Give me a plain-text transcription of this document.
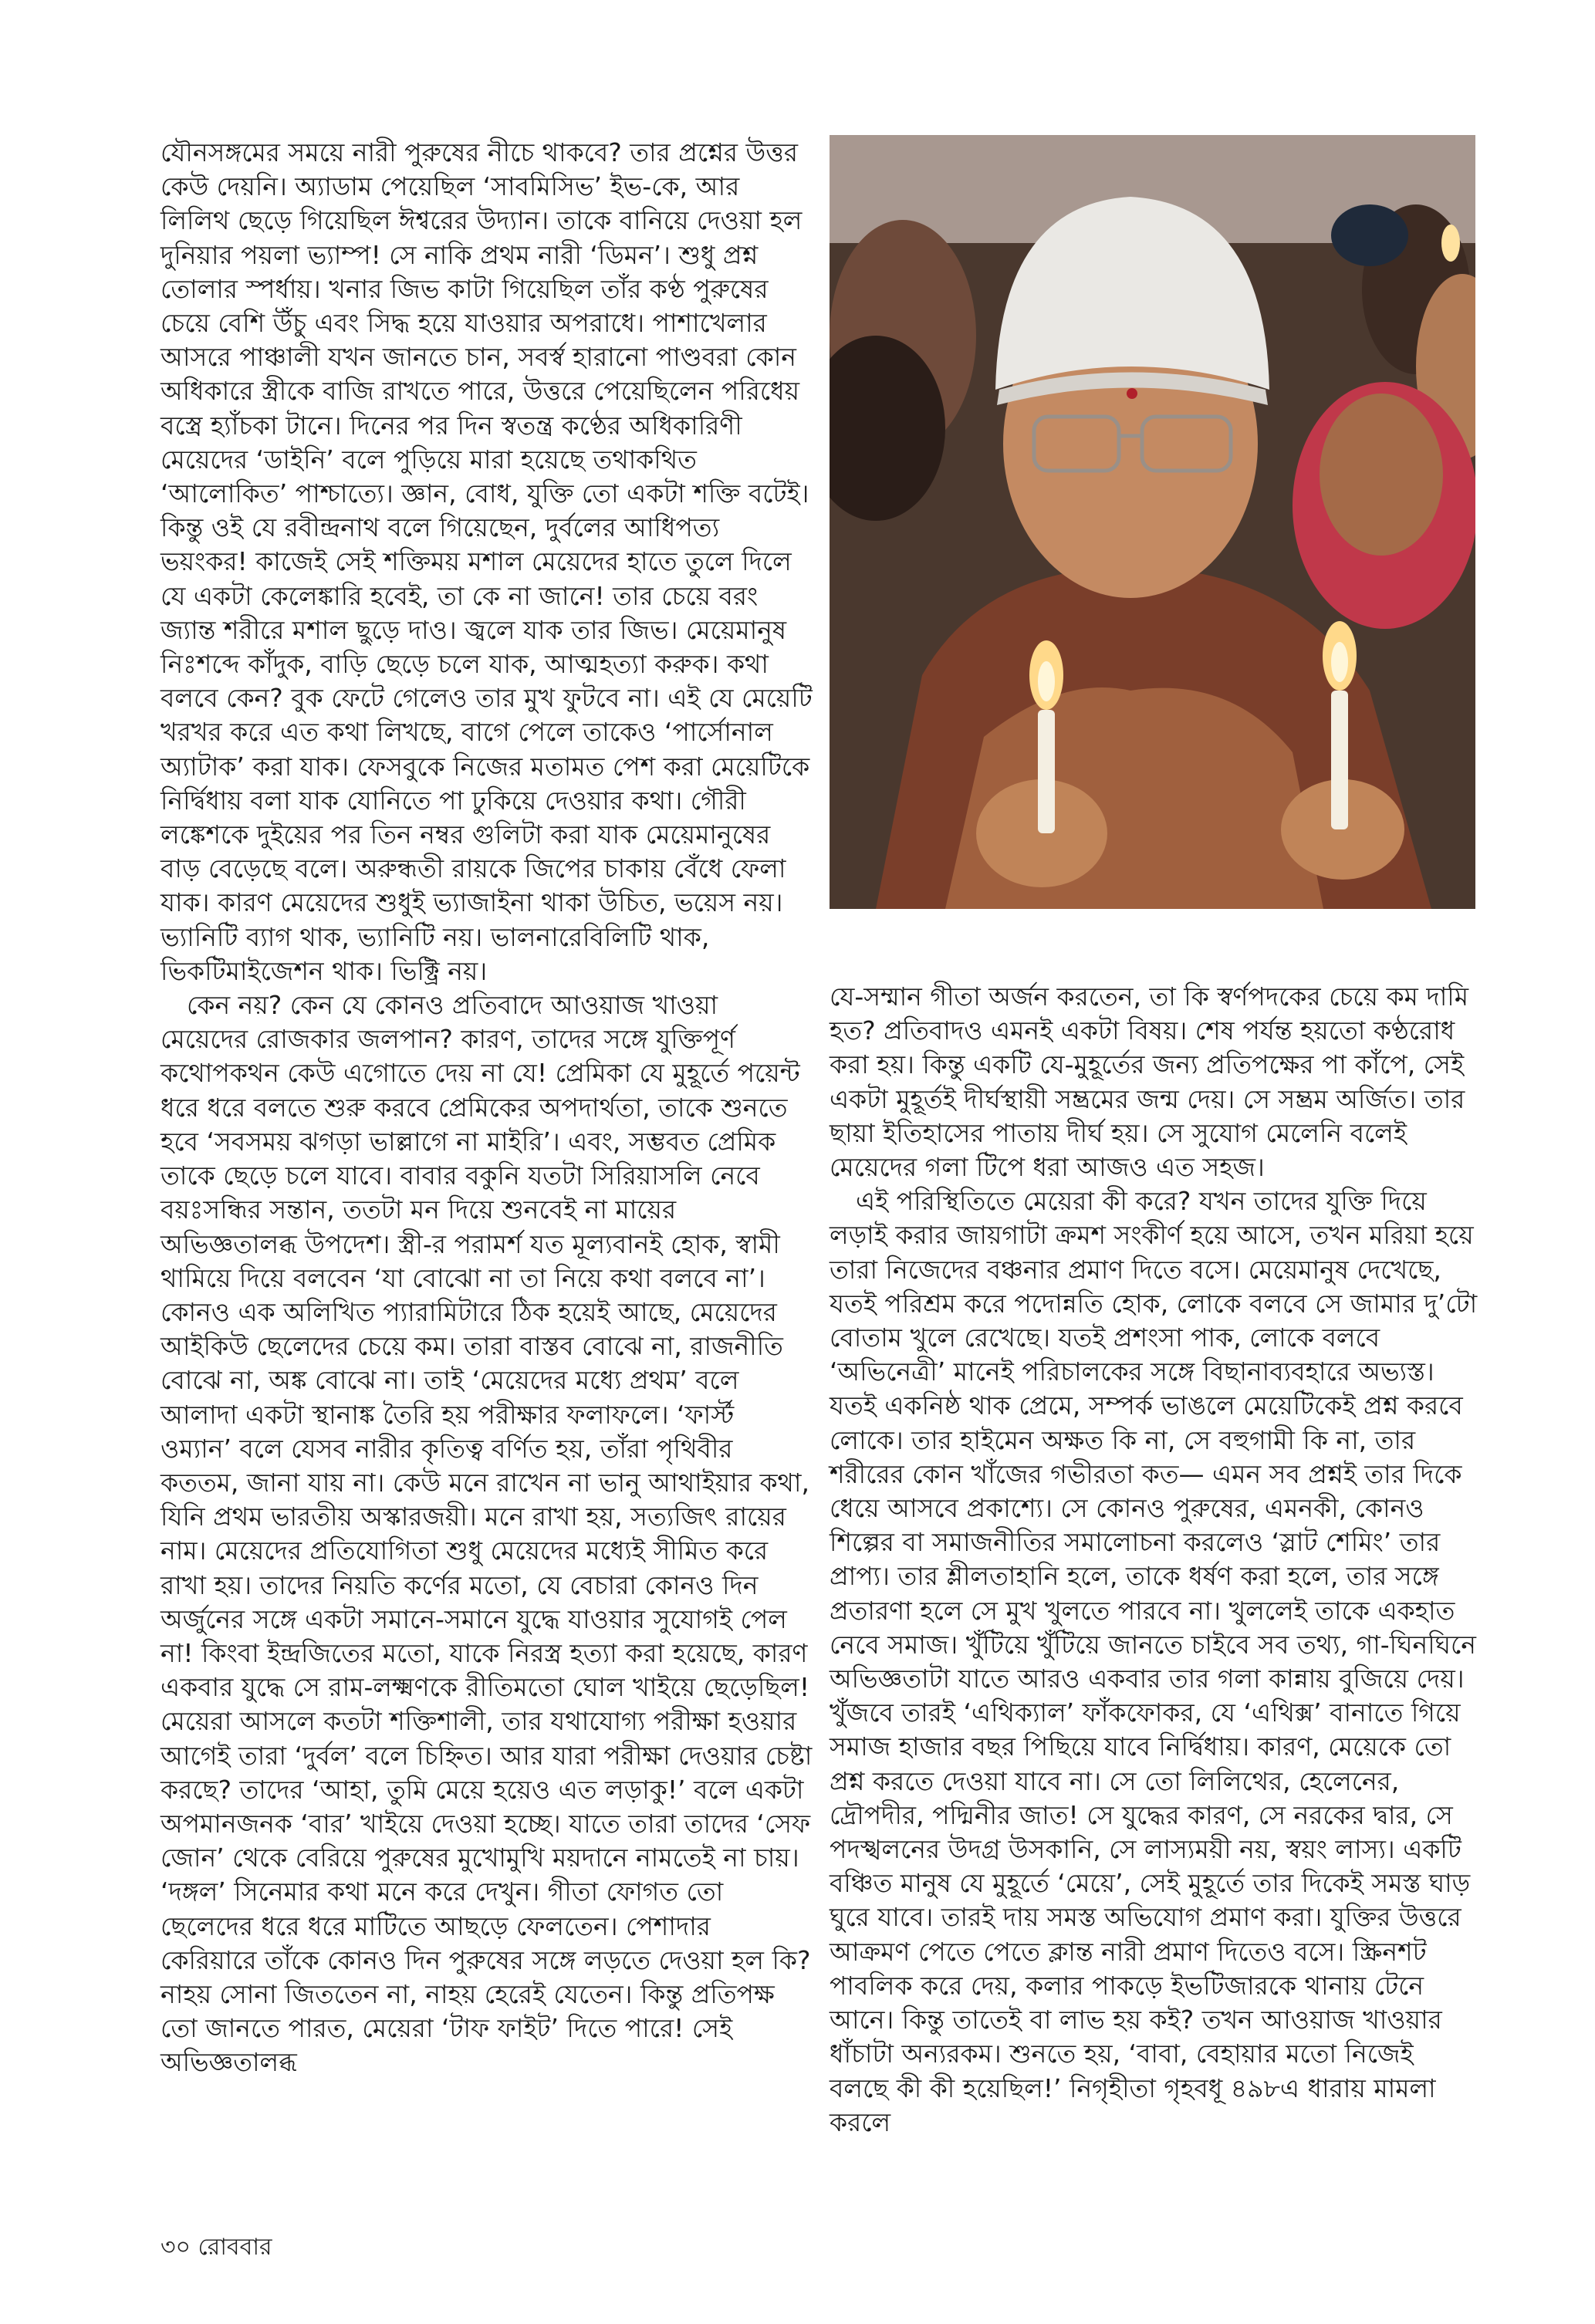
যৌনসঙ্গমের সময়ে নারী পুরুষের নীচে থাকবে? তার প্রশ্নের উত্তর কেউ দেয়নি। অ্যাডাম পেয়েছিল ‘সাবমিসিভ’ ইভ-কে, আর লিলিথ ছেড়ে গিয়েছিল ঈশ্বরের উদ্যান। তাকে বানিয়ে দেওয়া হল দুনিয়ার পয়লা ভ্যাম্প! সে নাকি প্রথম নারী ‘ডিমন’। শুধু প্রশ্ন তোলার স্পর্ধায়। খনার জিভ কাটা গিয়েছিল তাঁর কণ্ঠ পুরুষের চেয়ে বেশি উঁচু এবং সিদ্ধ হয়ে যাওয়ার অপরাধে। পাশাখেলার আসরে পাঞ্চালী যখন জানতে চান, সবর্স্ব হারানো পাণ্ডবরা কোন অধিকারে স্ত্রীকে বাজি রাখতে পারে, উত্তরে পেয়েছিলেন পরিধেয় বস্ত্রে হ্যাঁচকা টানে। দিনের পর দিন স্বতন্ত্র কণ্ঠের অধিকারিণী মেয়েদের ‘ডাইনি’ বলে পুড়িয়ে মারা হয়েছে তথাকথিত ‘আলোকিত’ পাশ্চাত্যে। জ্ঞান, বোধ, যুক্তি তো একটা শক্তি বটেই। কিন্তু ওই যে রবীন্দ্রনাথ বলে গিয়েছেন, দুর্বলের আধিপত্য ভয়ংকর! কাজেই সেই শক্তিময় মশাল মেয়েদের হাতে তুলে দিলে যে একটা কেলেঙ্কারি হবেই, তা কে না জানে! তার চেয়ে বরং জ্যান্ত শরীরে মশাল ছুড়ে দাও। জ্বলে যাক তার জিভ। মেয়েমানুষ নিঃশব্দে কাঁদুক, বাড়ি ছেড়ে চলে যাক, আত্মহত্যা করুক। কথা বলবে কেন? বুক ফেটে গেলেও তার মুখ ফুটবে না। এই যে মেয়েটি খরখর করে এত কথা লিখছে, বাগে পেলে তাকেও ‘পার্সোনাল অ্যাটাক’ করা যাক। ফেসবুকে নিজের মতামত পেশ করা মেয়েটিকে নির্দ্বিধায় বলা যাক যোনিতে পা ঢুকিয়ে দেওয়ার কথা। গৌরী লঙ্কেশকে দুইয়ের পর তিন নম্বর গুলিটা করা যাক মেয়েমানুষের বাড় বেড়েছে বলে। অরুন্ধতী রায়কে জিপের চাকায় বেঁধে ফেলা যাক। কারণ মেয়েদের শুধুই ভ্যাজাইনা থাকা উচিত, ভয়েস নয়। ভ্যানিটি ব্যাগ থাক, ভ্যানিটি নয়। ভালনারেবিলিটি থাক, ভিকটিমাইজেশন থাক। ভিক্ট্রি নয়।

কেন নয়? কেন যে কোনও প্রতিবাদে আওয়াজ খাওয়া মেয়েদের রোজকার জলপান? কারণ, তাদের সঙ্গে যুক্তিপূর্ণ কথোপকথন কেউ এগোতে দেয় না যে! প্রেমিকা যে মুহূর্তে পয়েন্ট ধরে ধরে বলতে শুরু করবে প্রেমিকের অপদার্থতা, তাকে শুনতে হবে ‘সবসময় ঝগড়া ভাল্লাগে না মাইরি’। এবং, সম্ভবত প্রেমিক তাকে ছেড়ে চলে যাবে। বাবার বকুনি যতটা সিরিয়াসলি নেবে বয়ঃসন্ধির সন্তান, ততটা মন দিয়ে শুনবেই না মায়ের অভিজ্ঞতালব্ধ উপদেশ। স্ত্রী-র পরামর্শ যত মূল্যবানই হোক, স্বামী থামিয়ে দিয়ে বলবেন ‘যা বোঝো না তা নিয়ে কথা বলবে না’। কোনও এক অলিখিত প্যারামিটারে ঠিক হয়েই আছে, মেয়েদের আইকিউ ছেলেদের চেয়ে কম। তারা বাস্তব বোঝে না, রাজনীতি বোঝে না, অঙ্ক বোঝে না। তাই ‘মেয়েদের মধ্যে প্রথম’ বলে আলাদা একটা স্থানাঙ্ক তৈরি হয় পরীক্ষার ফলাফলে। ‘ফার্স্ট ওম্যান’ বলে যেসব নারীর কৃতিত্ব বর্ণিত হয়, তাঁরা পৃথিবীর কততম, জানা যায় না। কেউ মনে রাখেন না ভানু আথাইয়ার কথা, যিনি প্রথম ভারতীয় অস্কারজয়ী। মনে রাখা হয়, সত্যজিৎ রায়ের নাম। মেয়েদের প্রতিযোগিতা শুধু মেয়েদের মধ্যেই সীমিত করে রাখা হয়। তাদের নিয়তি কর্ণের মতো, যে বেচারা কোনও দিন অর্জুনের সঙ্গে একটা সমানে-সমানে যুদ্ধে যাওয়ার সুযোগই পেল না! কিংবা ইন্দ্রজিতের মতো, যাকে নিরস্ত্র হত্যা করা হয়েছে, কারণ একবার যুদ্ধে সে রাম-লক্ষ্মণকে রীতিমতো ঘোল খাইয়ে ছেড়েছিল! মেয়েরা আসলে কতটা শক্তিশালী, তার যথাযোগ্য পরীক্ষা হওয়ার আগেই তারা ‘দুর্বল’ বলে চিহ্নিত। আর যারা পরীক্ষা দেওয়ার চেষ্টা করছে? তাদের ‘আহা, তুমি মেয়ে হয়েও এত লড়াকু!’ বলে একটা অপমানজনক ‘বার’ খাইয়ে দেওয়া হচ্ছে। যাতে তারা তাদের ‘সেফ জোন’ থেকে বেরিয়ে পুরুষের মুখোমুখি ময়দানে নামতেই না চায়। ‘দঙ্গল’ সিনেমার কথা মনে করে দেখুন। গীতা ফোগত তো ছেলেদের ধরে ধরে মাটিতে আছড়ে ফেলতেন। পেশাদার কেরিয়ারে তাঁকে কোনও দিন পুরুষের সঙ্গে লড়তে দেওয়া হল কি? নাহয় সোনা জিততেন না, নাহয় হেরেই যেতেন। কিন্তু প্রতিপক্ষ তো জানতে পারত, মেয়েরা ‘টাফ ফাইট’ দিতে পারে! সেই অভিজ্ঞতালব্ধ

যে-সম্মান গীতা অর্জন করতেন, তা কি স্বর্ণপদকের চেয়ে কম দামি হত? প্রতিবাদও এমনই একটা বিষয়। শেষ পর্যন্ত হয়তো কণ্ঠরোধ করা হয়। কিন্তু একটি যে-মুহূর্তের জন্য প্রতিপক্ষের পা কাঁপে, সেই একটা মুহূর্তই দীর্ঘস্থায়ী সম্ভ্রমের জন্ম দেয়। সে সম্ভ্রম অর্জিত। তার ছায়া ইতিহাসের পাতায় দীর্ঘ হয়। সে সুযোগ মেলেনি বলেই মেয়েদের গলা টিপে ধরা আজও এত সহজ।

এই পরিস্থিতিতে মেয়েরা কী করে? যখন তাদের যুক্তি দিয়ে লড়াই করার জায়গাটা ক্রমশ সংকীর্ণ হয়ে আসে, তখন মরিয়া হয়ে তারা নিজেদের বঞ্চনার প্রমাণ দিতে বসে। মেয়েমানুষ দেখেছে, যতই পরিশ্রম করে পদোন্নতি হোক, লোকে বলবে সে জামার দু’টো বোতাম খুলে রেখেছে। যতই প্রশংসা পাক, লোকে বলবে ‘অভিনেত্রী’ মানেই পরিচালকের সঙ্গে বিছানাব্যবহারে অভ্যস্ত। যতই একনিষ্ঠ থাক প্রেমে, সম্পর্ক ভাঙলে মেয়েটিকেই প্রশ্ন করবে লোকে। তার হাইমেন অক্ষত কি না, সে বহুগামী কি না, তার শরীরের কোন খাঁজের গভীরতা কত— এমন সব প্রশ্নই তার দিকে ধেয়ে আসবে প্রকাশ্যে। সে কোনও পুরুষের, এমনকী, কোনও শিল্পের বা সমাজনীতির সমালোচনা করলেও ‘স্লাট শেমিং’ তার প্রাপ্য। তার শ্লীলতাহানি হলে, তাকে ধর্ষণ করা হলে, তার সঙ্গে প্রতারণা হলে সে মুখ খুলতে পারবে না। খুললেই তাকে একহাত নেবে সমাজ। খুঁটিয়ে খুঁটিয়ে জানতে চাইবে সব তথ্য, গা-ঘিনঘিনে অভিজ্ঞতাটা যাতে আরও একবার তার গলা কান্নায় বুজিয়ে দেয়। খুঁজবে তারই ‘এথিক্যাল’ ফাঁকফোকর, যে ‘এথিক্স’ বানাতে গিয়ে সমাজ হাজার বছর পিছিয়ে যাবে নির্দ্বিধায়। কারণ, মেয়েকে তো প্রশ্ন করতে দেওয়া যাবে না। সে তো লিলিথের, হেলেনের, দ্রৌপদীর, পদ্মিনীর জাত! সে যুদ্ধের কারণ, সে নরকের দ্বার, সে পদস্খলনের উদগ্র উসকানি, সে লাস্যময়ী নয়, স্বয়ং লাস্য। একটি বঞ্চিত মানুষ যে মুহূর্তে ‘মেয়ে’, সেই মুহূর্তে তার দিকেই সমস্ত ঘাড় ঘুরে যাবে। তারই দায় সমস্ত অভিযোগ প্রমাণ করা। যুক্তির উত্তরে আক্রমণ পেতে পেতে ক্লান্ত নারী প্রমাণ দিতেও বসে। স্ক্রিনশট পাবলিক করে দেয়, কলার পাকড়ে ইভটিজারকে থানায় টেনে আনে। কিন্তু তাতেই বা লাভ হয় কই? তখন আওয়াজ খাওয়ার ধাঁচাটা অন্যরকম। শুনতে হয়, ‘বাবা, বেহায়ার মতো নিজেই বলছে কী কী হয়েছিল!’ নিগৃহীতা গৃহবধূ ৪৯৮এ ধারায় মামলা করলে

৩০ রোববার
